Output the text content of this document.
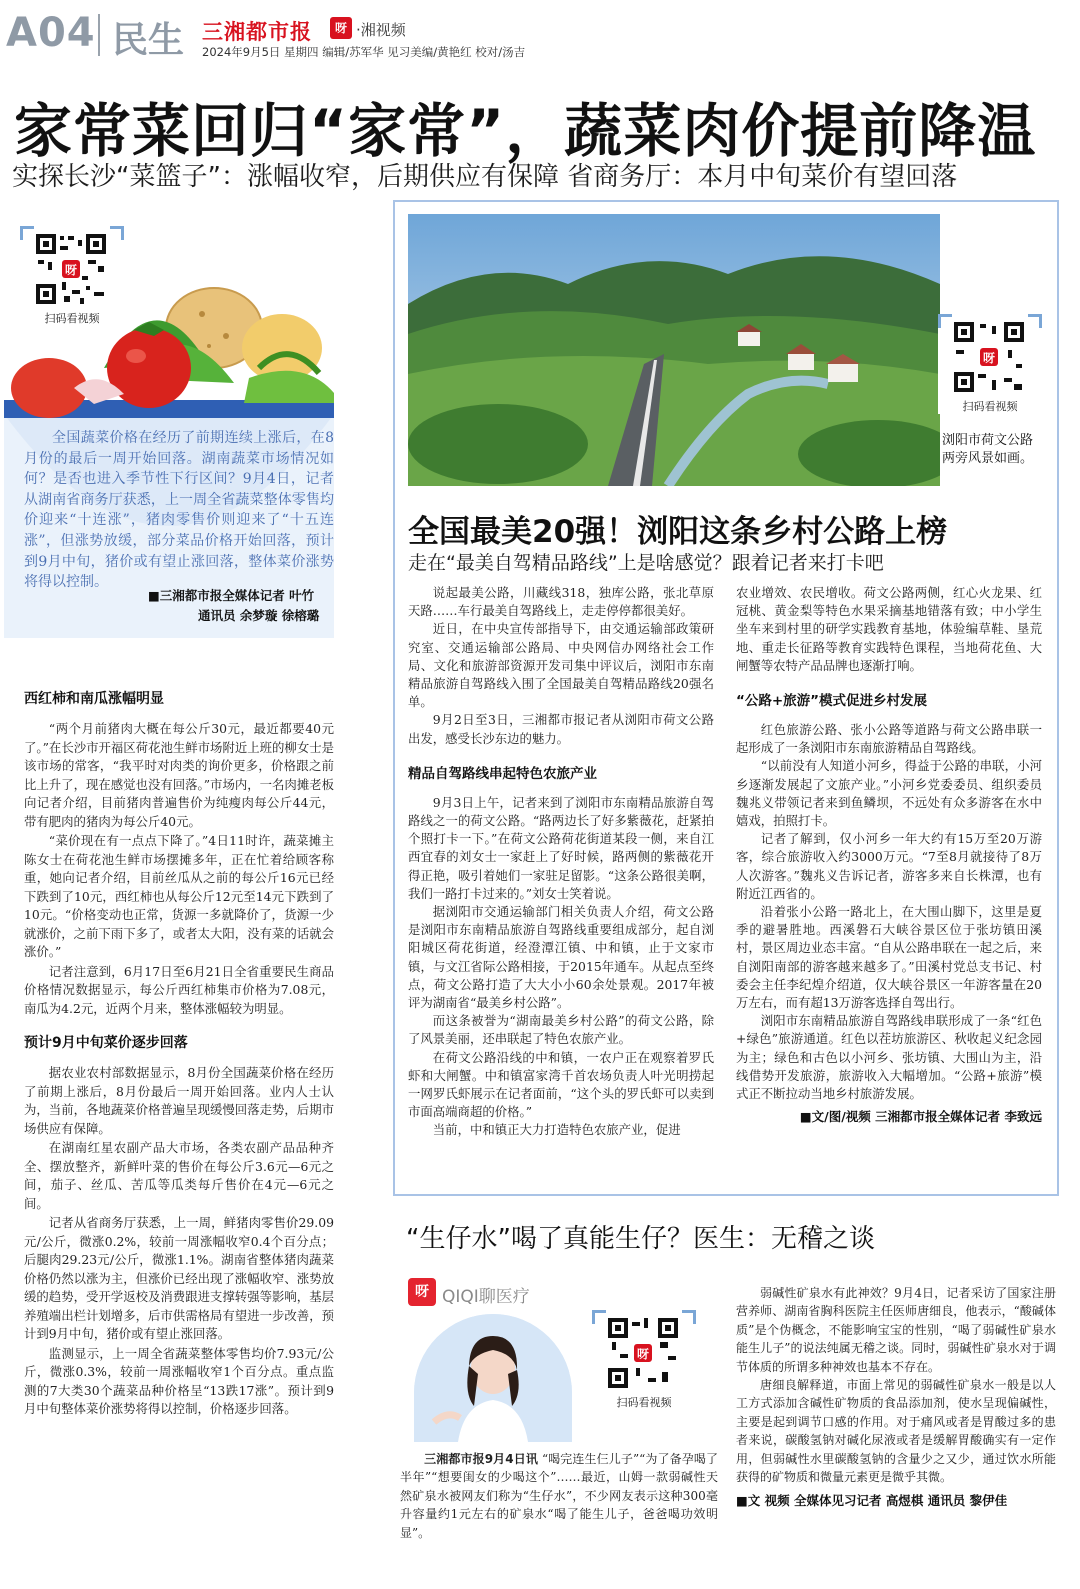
A04 民生 三湘都市报	呀 ·湘视频
2024年9月5日 星期四 编辑/苏军华 见习美编/黄艳红 校对/汤吉
家常菜回归“家常”，蔬菜肉价提前降温
实探长沙“菜篮子”：涨幅收窄，后期供应有保障 省商务厅：本月中旬菜价有望回落
呀
扫码看视频
全国蔬菜价格在经历了前期连续上涨后，在8月份的最后一周开始回落。湖南蔬菜市场情况如何？是否也进入季节性下行区间？9月4日，记者从湖南省商务厅获悉，上一周全省蔬菜整体零售均价迎来“十连涨”，猪肉零售价则迎来了“十五连涨”，但涨势放缓，部分菜品价格开始回落，预计到9月中旬，猪价或有望止涨回落，整体菜价涨势将得以控制。
■三湘都市报全媒体记者 叶竹
通讯员 余梦璇 徐榕璐
西红柿和南瓜涨幅明显

“两个月前猪肉大概在每公斤30元，最近都要40元了。”在长沙市开福区荷花池生鲜市场附近上班的柳女士是该市场的常客，“我平时对肉类的询价更多，价格跟之前比上升了，现在感觉也没有回落。”市场内，一名肉摊老板向记者介绍，目前猪肉普遍售价为纯瘦肉每公斤44元，带有肥肉的猪肉为每公斤40元。

“菜价现在有一点点下降了。”4日11时许，蔬菜摊主陈女士在荷花池生鲜市场摆摊多年，正在忙着给顾客称重，她向记者介绍，目前丝瓜从之前的每公斤16元已经下跌到了10元，西红柿也从每公斤12元至14元下跌到了10元。“价格变动也正常，货源一多就降价了，货源一少就涨价，之前下雨下多了，或者太大阳，没有菜的话就会涨价。”

记者注意到，6月17日至6月21日全省重要民生商品价格情况数据显示，每公斤西红柿集市价格为7.08元，南瓜为4.2元，近两个月来，整体涨幅较为明显。

预计9月中旬菜价逐步回落

据农业农村部数据显示，8月份全国蔬菜价格在经历了前期上涨后，8月份最后一周开始回落。业内人士认为，当前，各地蔬菜价格普遍呈现缓慢回落走势，后期市场供应有保障。

在湖南红星农副产品大市场，各类农副产品品种齐全、摆放整齐，新鲜叶菜的售价在每公斤3.6元—6元之间，茄子、丝瓜、苦瓜等瓜类每斤售价在4元—6元之间。

记者从省商务厅获悉，上一周，鲜猪肉零售价29.09元/公斤，微涨0.2%，较前一周涨幅收窄0.4个百分点；后腿肉29.23元/公斤，微涨1.1%。湖南省整体猪肉蔬菜价格仍然以涨为主，但涨价已经出现了涨幅收窄、涨势放缓的趋势，受开学返校及消费跟进支撑转强等影响，基层养殖端出栏计划增多，后市供需格局有望进一步改善，预计到9月中旬，猪价或有望止涨回落。

监测显示，上一周全省蔬菜整体零售均价7.93元/公斤，微涨0.3%，较前一周涨幅收窄1个百分点。重点监测的7大类30个蔬菜品种价格呈“13跌17涨”。预计到9月中旬整体菜价涨势将得以控制，价格逐步回落。

呀
扫码看视频
浏阳市荷文公路两旁风景如画。
全国最美20强！浏阳这条乡村公路上榜
走在“最美自驾精品路线”上是啥感觉？跟着记者来打卡吧

说起最美公路，川藏线318，独库公路，张北草原天路……车行最美自驾路线上，走走停停都很美好。

近日，在中央宣传部指导下，由交通运输部政策研究室、交通运输部公路局、中央网信办网络社会工作局、文化和旅游部资源开发司集中评议后，浏阳市东南精品旅游自驾路线入围了全国最美自驾精品路线20强名单。

9月2日至3日，三湘都市报记者从浏阳市荷文公路出发，感受长沙东边的魅力。

精品自驾路线串起特色农旅产业

9月3日上午，记者来到了浏阳市东南精品旅游自驾路线之一的荷文公路。“路两边长了好多紫薇花，赶紧拍个照打卡一下。”在荷文公路荷花街道某段一侧，来自江西宜春的刘女士一家赶上了好时候，路两侧的紫薇花开得正艳，吸引着她们一家驻足留影。“这条公路很美啊，我们一路打卡过来的。”刘女士笑着说。

据浏阳市交通运输部门相关负责人介绍，荷文公路是浏阳市东南精品旅游自驾路线重要组成部分，起自浏阳城区荷花街道，经澄潭江镇、中和镇，止于文家市镇，与文江省际公路相接，于2015年通车。从起点至终点，荷文公路打造了大大小小60余处景观。2017年被评为湖南省“最美乡村公路”。

而这条被誉为“湖南最美乡村公路”的荷文公路，除了风景美丽，还串联起了特色农旅产业。

在荷文公路沿线的中和镇，一农户正在观察着罗氏虾和大闸蟹。中和镇富家湾千首农场负责人叶光明捞起一网罗氏虾展示在记者面前，“这个头的罗氏虾可以卖到市面高端商超的价格。”

当前，中和镇正大力打造特色农旅产业，促进

农业增效、农民增收。荷文公路两侧，红心火龙果、红冠桃、黄金梨等特色水果采摘基地错落有致；中小学生坐车来到村里的研学实践教育基地，体验编草鞋、垦荒地、重走长征路等教育实践特色课程，当地荷花鱼、大闸蟹等农特产品品牌也逐渐打响。

“公路+旅游”模式促进乡村发展

红色旅游公路、张小公路等道路与荷文公路串联一起形成了一条浏阳市东南旅游精品自驾路线。

“以前没有人知道小河乡，得益于公路的串联，小河乡逐渐发展起了文旅产业。”小河乡党委委员、组织委员魏兆义带领记者来到鱼鳞坝，不远处有众多游客在水中嬉戏，拍照打卡。

记者了解到，仅小河乡一年大约有15万至20万游客，综合旅游收入约3000万元。“7至8月就接待了8万人次游客。”魏兆义告诉记者，游客多来自长株潭，也有附近江西省的。

沿着张小公路一路北上，在大围山脚下，这里是夏季的避暑胜地。西溪磐石大峡谷景区位于张坊镇田溪村，景区周边业态丰富。“自从公路串联在一起之后，来自浏阳南部的游客越来越多了。”田溪村党总支书记、村委会主任李纪煌介绍道，仅大峡谷景区一年游客量在20万左右，而有超13万游客选择自驾出行。

浏阳市东南精品旅游自驾路线串联形成了一条“红色+绿色”旅游通道。红色以茬坊旅游区、秋收起义纪念园为主；绿色和古色以小河乡、张坊镇、大围山为主，沿线借势开发旅游，旅游收入大幅增加。“公路+旅游”模式正不断拉动当地乡村旅游发展。

■文/图/视频 三湘都市报全媒体记者 李致远
“生仔水”喝了真能生仔？医生：无稽之谈
呀 QIQI聊医疗
呀
扫码看视频
三湘都市报9月4日讯 “喝完连生仨儿子”“为了备孕喝了半年”“想要闺女的少喝这个”……最近，山姆一款弱碱性天然矿泉水被网友们称为“生仔水”，不少网友表示这种300毫升容量约1元左右的矿泉水“喝了能生儿子，爸爸喝功效明显”。

弱碱性矿泉水有此神效？9月4日，记者采访了国家注册营养师、湖南省胸科医院主任医师唐细良，他表示，“酸碱体质”是个伪概念，不能影响宝宝的性别，“喝了弱碱性矿泉水能生儿子”的说法纯属无稽之谈。同时，弱碱性矿泉水对于调节体质的所谓多种神效也基本不存在。

唐细良解释道，市面上常见的弱碱性矿泉水一般是以人工方式添加含碱性矿物质的食品添加剂，使水呈现偏碱性，主要是起到调节口感的作用。对于痛风或者是胃酸过多的患者来说，碳酸氢钠对碱化尿液或者是缓解胃酸确实有一定作用，但弱碱性水里碳酸氢钠的含量少之又少，通过饮水所能获得的矿物质和微量元素更是微乎其微。

■文 视频 全媒体见习记者 高煜棋 通讯员 黎伊佳
